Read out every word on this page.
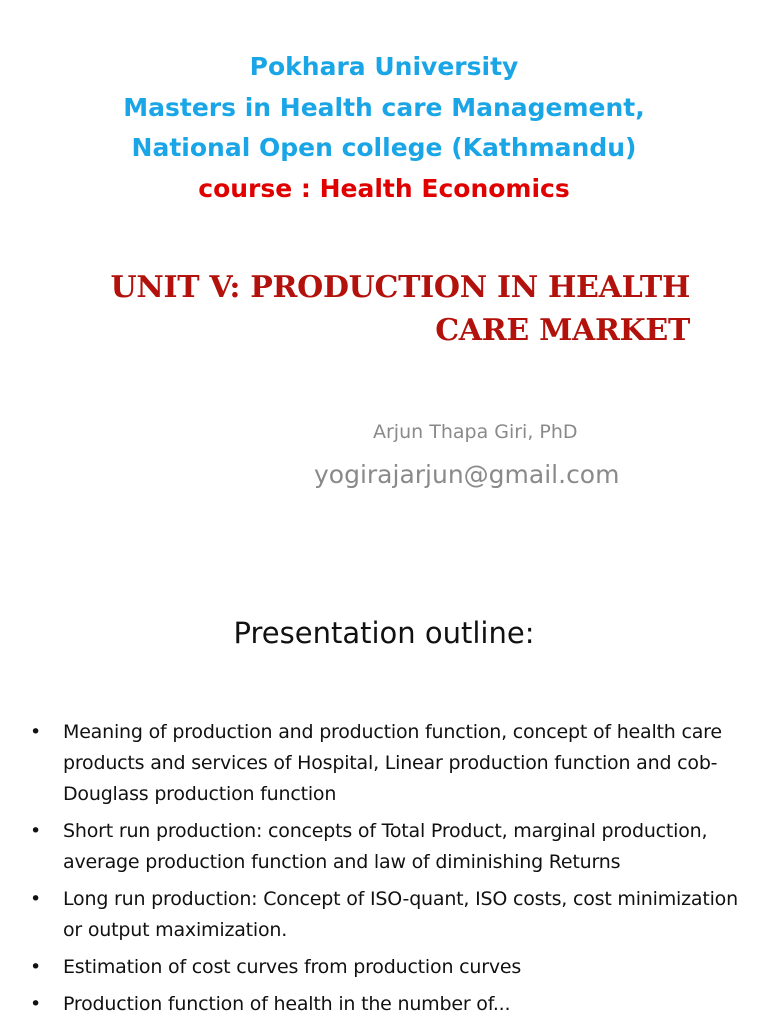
Pokhara University
Masters in Health care Management,
National Open college (Kathmandu)
course : Health Economics
UNIT V: PRODUCTION IN HEALTH
CARE MARKET
Arjun Thapa Giri, PhD
yogirajarjun@gmail.com
Presentation outline:
• Meaning of production and production function, concept of health care products and services of Hospital, Linear production function and cob-Douglass production function
• Short run production: concepts of Total Product, marginal production, average production function and law of diminishing Returns
• Long run production: Concept of ISO-quant, ISO costs, cost minimization or output maximization.
• Estimation of cost curves from production curves
• Production function of health in the number of...
